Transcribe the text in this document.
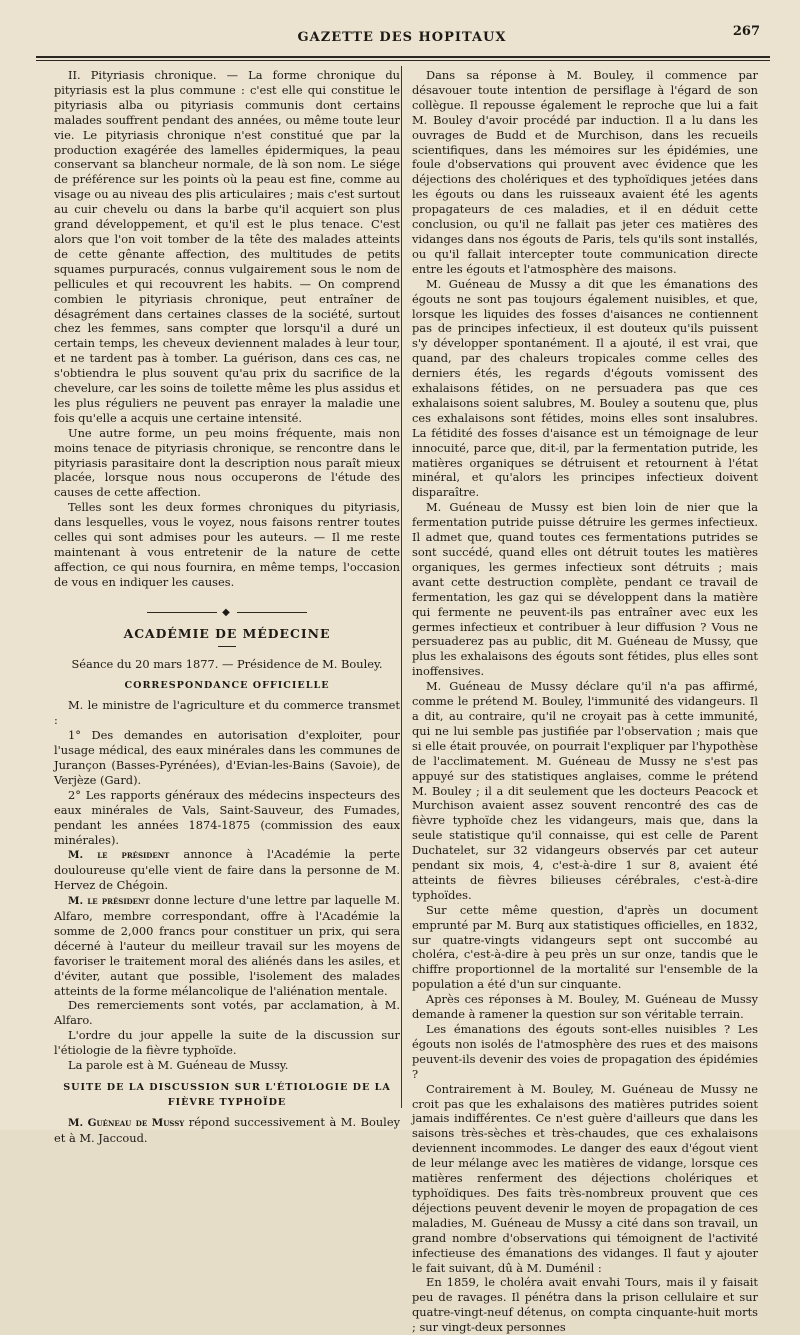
GAZETTE DES HOPITAUX	267

II. Pityriasis chronique. — La forme chronique du pityriasis est la plus commune : c'est elle qui constitue le pityriasis alba ou pityriasis communis dont certains malades souffrent pendant des années, ou même toute leur vie. Le pityriasis chronique n'est constitué que par la production exagérée des lamelles épidermiques, la peau conservant sa blancheur normale, de là son nom. Le siége de préférence sur les points où la peau est fine, comme au visage ou au niveau des plis articulaires ; mais c'est surtout au cuir chevelu ou dans la barbe qu'il acquiert son plus grand développement, et qu'il est le plus tenace. C'est alors que l'on voit tomber de la tête des malades atteints de cette gênante affection, des multitudes de petits squames purpuracés, connus vulgairement sous le nom de pellicules et qui recouvrent les habits. — On comprend combien le pityriasis chronique, peut entraîner de désagrément dans certaines classes de la société, surtout chez les femmes, sans compter que lorsqu'il a duré un certain temps, les cheveux deviennent malades à leur tour, et ne tardent pas à tomber. La guérison, dans ces cas, ne s'obtiendra le plus souvent qu'au prix du sacrifice de la chevelure, car les soins de toilette même les plus assidus et les plus réguliers ne peuvent pas enrayer la maladie une fois qu'elle a acquis une certaine intensité.

Une autre forme, un peu moins fréquente, mais non moins tenace de pityriasis chronique, se rencontre dans le pityriasis parasitaire dont la description nous paraît mieux placée, lorsque nous nous occuperons de l'étude des causes de cette affection.

Telles sont les deux formes chroniques du pityriasis, dans lesquelles, vous le voyez, nous faisons rentrer toutes celles qui sont admises pour les auteurs. — Il me reste maintenant à vous entretenir de la nature de cette affection, ce qui nous fournira, en même temps, l'occasion de vous en indiquer les causes.

◆
ACADÉMIE DE MÉDECINE
Séance du 20 mars 1877. — Présidence de M. Bouley.
CORRESPONDANCE OFFICIELLE

M. le ministre de l'agriculture et du commerce transmet :

1° Des demandes en autorisation d'exploiter, pour l'usage médical, des eaux minérales dans les communes de Jurançon (Basses-Pyrénées), d'Evian-les-Bains (Savoie), de Verjèze (Gard).

2° Les rapports généraux des médecins inspecteurs des eaux minérales de Vals, Saint-Sauveur, des Fumades, pendant les années 1874-1875 (commission des eaux minérales).

M. le président annonce à l'Académie la perte douloureuse qu'elle vient de faire dans la personne de M. Hervez de Chégoin.

M. le président donne lecture d'une lettre par laquelle M. Alfaro, membre correspondant, offre à l'Académie la somme de 2,000 francs pour constituer un prix, qui sera décerné à l'auteur du meilleur travail sur les moyens de favoriser le traitement moral des aliénés dans les asiles, et d'éviter, autant que possible, l'isolement des malades atteints de la forme mélancolique de l'aliénation mentale.

Des remerciements sont votés, par acclamation, à M. Alfaro.

L'ordre du jour appelle la suite de la discussion sur l'étiologie de la fièvre typhoïde.

La parole est à M. Guéneau de Mussy.

SUITE DE LA DISCUSSION SUR L'ÉTIOLOGIE DE LA FIÈVRE TYPHOÏDE

M. Guéneau de Mussy répond successivement à M. Bouley et à M. Jaccoud.

Dans sa réponse à M. Bouley, il commence par désavouer toute intention de persiflage à l'égard de son collègue. Il repousse également le reproche que lui a fait M. Bouley d'avoir procédé par induction. Il a lu dans les ouvrages de Budd et de Murchison, dans les recueils scientifiques, dans les mémoires sur les épidémies, une foule d'observations qui prouvent avec évidence que les déjections des cholériques et des typhoïdiques jetées dans les égouts ou dans les ruisseaux avaient été les agents propagateurs de ces maladies, et il en déduit cette conclusion, ou qu'il ne fallait pas jeter ces matières des vidanges dans nos égouts de Paris, tels qu'ils sont installés, ou qu'il fallait intercepter toute communication directe entre les égouts et l'atmosphère des maisons.

M. Guéneau de Mussy a dit que les émanations des égouts ne sont pas toujours également nuisibles, et que, lorsque les liquides des fosses d'aisances ne contiennent pas de principes infectieux, il est douteux qu'ils puissent s'y développer spontanément. Il a ajouté, il est vrai, que quand, par des chaleurs tropicales comme celles des derniers étés, les regards d'égouts vomissent des exhalaisons fétides, on ne persuadera pas que ces exhalaisons soient salubres, M. Bouley a soutenu que, plus ces exhalaisons sont fétides, moins elles sont insalubres. La fétidité des fosses d'aisance est un témoignage de leur innocuité, parce que, dit-il, par la fermentation putride, les matières organiques se détruisent et retournent à l'état minéral, et qu'alors les principes infectieux doivent disparaître.

M. Guéneau de Mussy est bien loin de nier que la fermentation putride puisse détruire les germes infectieux. Il admet que, quand toutes ces fermentations putrides se sont succédé, quand elles ont détruit toutes les matières organiques, les germes infectieux sont détruits ; mais avant cette destruction complète, pendant ce travail de fermentation, les gaz qui se développent dans la matière qui fermente ne peuvent-ils pas entraîner avec eux les germes infectieux et contribuer à leur diffusion ? Vous ne persuaderez pas au public, dit M. Guéneau de Mussy, que plus les exhalaisons des égouts sont fétides, plus elles sont inoffensives.

M. Guéneau de Mussy déclare qu'il n'a pas affirmé, comme le prétend M. Bouley, l'immunité des vidangeurs. Il a dit, au contraire, qu'il ne croyait pas à cette immunité, qui ne lui semble pas justifiée par l'observation ; mais que si elle était prouvée, on pourrait l'expliquer par l'hypothèse de l'acclimatement. M. Guéneau de Mussy ne s'est pas appuyé sur des statistiques anglaises, comme le prétend M. Bouley ; il a dit seulement que les docteurs Peacock et Murchison avaient assez souvent rencontré des cas de fièvre typhoïde chez les vidangeurs, mais que, dans la seule statistique qu'il connaisse, qui est celle de Parent Duchatelet, sur 32 vidangeurs observés par cet auteur pendant six mois, 4, c'est-à-dire 1 sur 8, avaient été atteints de fièvres bilieuses cérébrales, c'est-à-dire typhoïdes.

Sur cette même question, d'après un document emprunté par M. Burq aux statistiques officielles, en 1832, sur quatre-vingts vidangeurs sept ont succombé au choléra, c'est-à-dire à peu près un sur onze, tandis que le chiffre proportionnel de la mortalité sur l'ensemble de la population a été d'un sur cinquante.

Après ces réponses à M. Bouley, M. Guéneau de Mussy demande à ramener la question sur son véritable terrain.

Les émanations des égouts sont-elles nuisibles ? Les égouts non isolés de l'atmosphère des rues et des maisons peuvent-ils devenir des voies de propagation des épidémies ?

Contrairement à M. Bouley, M. Guéneau de Mussy ne croit pas que les exhalaisons des matières putrides soient jamais indifférentes. Ce n'est guère d'ailleurs que dans les saisons très-sèches et très-chaudes, que ces exhalaisons deviennent incommodes. Le danger des eaux d'égout vient de leur mélange avec les matières de vidange, lorsque ces matières renferment des déjections cholériques et typhoïdiques. Des faits très-nombreux prouvent que ces déjections peuvent devenir le moyen de propagation de ces maladies, M. Guéneau de Mussy a cité dans son travail, un grand nombre d'observations qui témoignent de l'activité infectieuse des émanations des vidanges. Il faut y ajouter le fait suivant, dû à M. Duménil :

En 1859, le choléra avait envahi Tours, mais il y faisait peu de ravages. Il pénétra dans la prison cellulaire et sur quatre-vingt-neuf détenus, on compta cinquante-huit morts ; sur vingt-deux personnes
